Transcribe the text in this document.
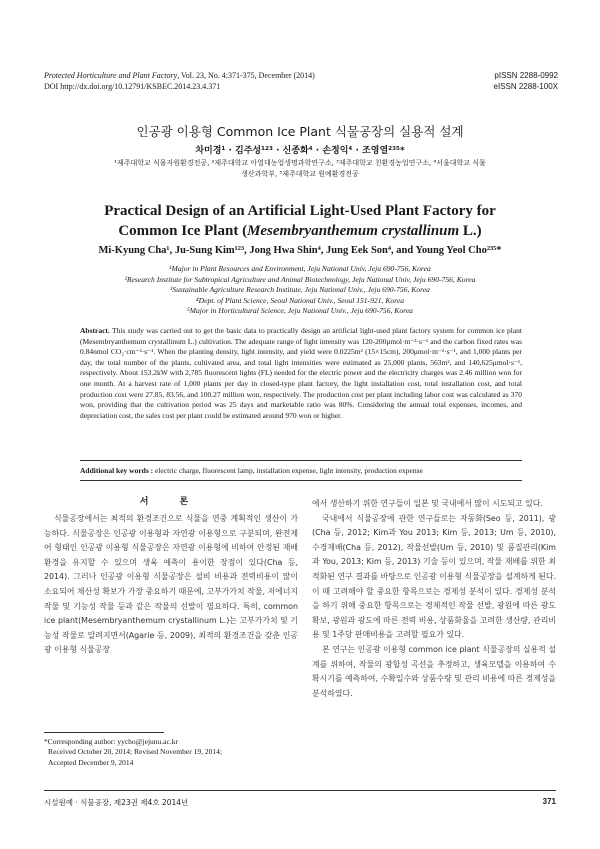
Protected Horticulture and Plant Factory, Vol. 23, No. 4:371-375, December (2014)
DOI http://dx.doi.org/10.12791/KSBEC.2014.23.4.371
pISSN 2288-0992
eISSN 2288-100X
인공광 이용형 Common Ice Plant 식물공장의 실용적 설계
차미경¹ · 김주성¹²³ · 신종화⁴ · 손정익⁴ · 조영열²³⁵*
¹제주대학교 식물자원환경전공, ²제주대학교 아열대농업생명과학연구소, ³제주대학교 친환경농업연구소, ⁴서울대학교 식물
생산과학부, ⁵제주대학교 원예환경전공
Practical Design of an Artificial Light-Used Plant Factory for
Common Ice Plant (Mesembryanthemum crystallinum L.)
Mi-Kyung Cha¹, Ju-Sung Kim¹²³, Jong Hwa Shin⁴, Jung Eek Son⁴, and Young Yeol Cho²³⁵*
¹Major in Plant Resources and Environment, Jeju National Univ, Jeju 690-756, Korea
²Research Institute for Subtropical Agriculture and Animal Biotechnology, Jeju National Univ, Jeju 690-756, Korea
³Sustainable Agriculture Research Institute, Jeju National Univ., Jeju 690-756, Korea
⁴Dept. of Plant Science, Seoul National Univ., Seoul 151-921, Korea
⁵Major in Horticultural Science, Jeju National Univ., Jeju 690-756, Korea
Abstract. This study was carried out to get the basic data to practically design an artificial light-used plant factory system for common ice plant (Mesembryanthemum crystallinum L.) cultivation. The adequate range of light intensity was 120-200μmol·m⁻²·s⁻¹ and the carbon fixed rates was 0.84nmol CO₂·cm⁻²·s⁻¹. When the planting density, light intensity, and yield were 0.0225m² (15×15cm), 200μmol·m⁻²·s⁻¹, and 1,000 plants per day, the total number of the plants, cultivated area, and total light intensities were estimated as 25,000 plants, 563m², and 140,625μmol·s⁻¹, respectively. About 153.2kW with 2,785 fluorescent lights (FL) needed for the electric power and the electricity charges was 2.46 million won for one month. At a harvest rate of 1,000 plants per day in closed-type plant factory, the light installation cost, total installation cost, and total production cost were 27.85, 83.56, and 100.27 million won, respectively. The production cost per plant including labor cost was calculated as 370 won, providing that the cultivation period was 25 days and marketable ratio was 80%. Considering the annual total expenses, incomes, and depreciation cost, the sales cost per plant could be estimated around 970 won or higher.
Additional key words : electric charge, fluorescent lamp, installation expense, light intensity, production expense
서 론

식물공장에서는 최적의 환경조건으로 식물을 연중 계획적인 생산이 가능하다. 식물공장은 인공광 이용형과 자연광 이용형으로 구분되며, 완전제어 형태인 인공광 이용형 식물공장은 자연광 이용형에 비하여 안정된 재배 환경을 유지할 수 있으며 생육 예측이 용이한 장점이 있다(Cha 등, 2014). 그러나 인공광 이용형 식물공장은 설비 비용과 전력비용이 많이 소요되어 채산성 확보가 가장 중요하기 때문에, 고부가가치 작물, 저에너지 작물 및 기능성 작물 등과 같은 작물의 선발이 필요하다. 특히, common ice plant(Mesembryanthemum crystallinum L.)는 고부가가치 및 기능성 작물로 알려지면서(Agarie 등, 2009), 최적의 환경조건을 갖춘 인공광 이용형 식물공장

에서 생산하기 위한 연구들이 일본 및 국내에서 많이 시도되고 있다.

국내에서 식물공장에 관한 연구들로는 자동화(Seo 등, 2011), 광(Cha 등, 2012; Kim과 You 2013; Kim 등, 2013; Um 등, 2010), 수경재배(Cha 등, 2012), 작물선발(Um 등, 2010) 및 품질관리(Kim과 You, 2013; Kim 등, 2013) 기술 등이 있으며, 작물 재배를 위한 최적화된 연구 결과를 바탕으로 인공광 이용형 식물공장을 설계하게 된다. 이 때 고려해야 할 중요한 항목으로는 경제성 분석이 있다. 경제성 분석을 하기 위해 중요한 항목으로는 경제적인 작물 선발, 광원에 따른 광도 확보, 광원과 광도에 따른 전력 비용, 상품화율을 고려한 생산량, 관리비용 및 1주당 판매비용을 고려할 필요가 있다.

본 연구는 인공광 이용형 common ice plant 식물공장의 실용적 설계를 위하여, 작물의 광합성 곡선을 추정하고, 생육모델을 이용하여 수확시기를 예측하여, 수확일수와 상품수량 및 관리 비용에 따른 경제성을 분석하였다.

*Corresponding author: yycho@jejunu.ac.kr
Received October 20, 2014; Revised November 19, 2014;
Accepted December 9, 2014
시설원예 · 식물공장, 제23권 제4호 2014년	371
